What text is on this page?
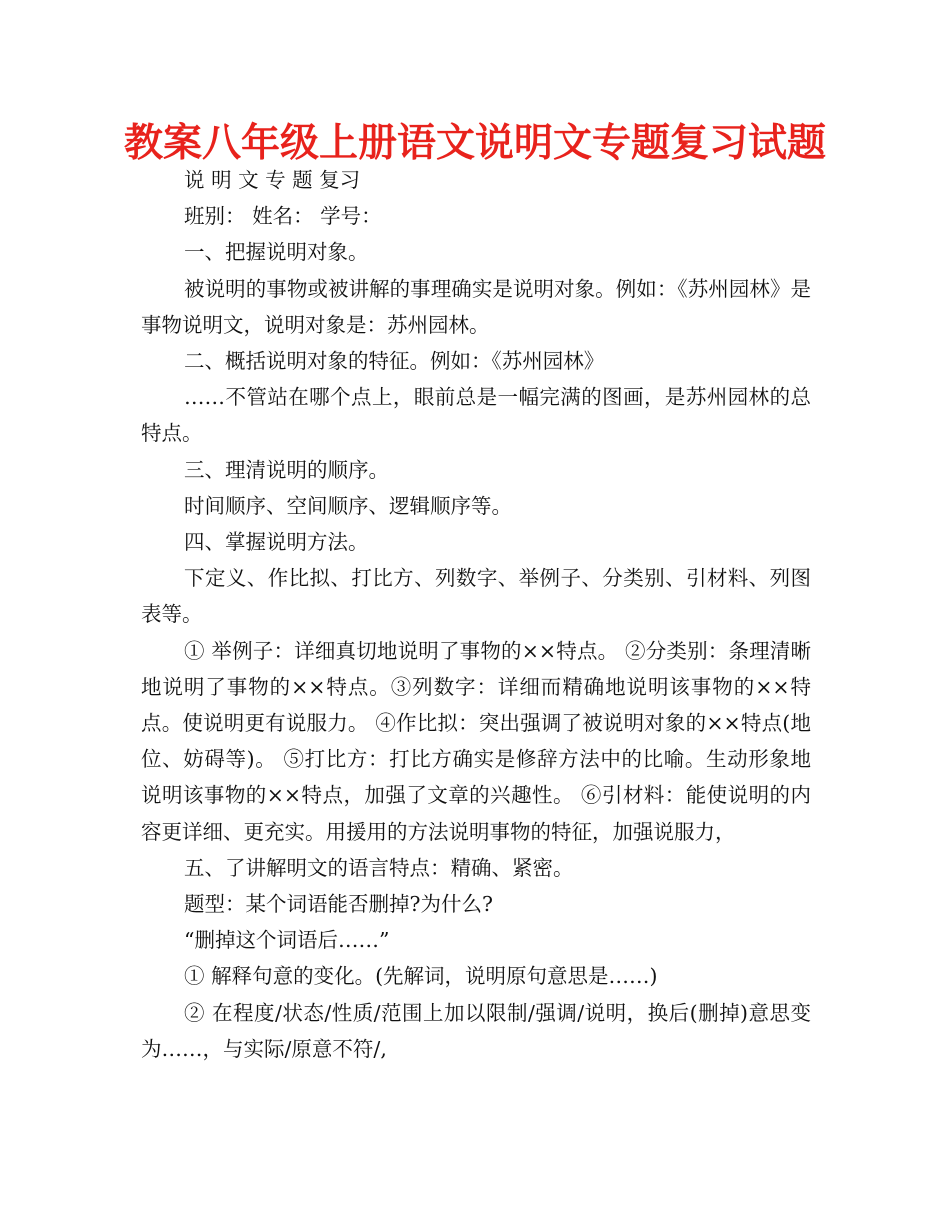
教案八年级上册语文说明文专题复习试题

说 明 文 专 题 复习

班别： 姓名： 学号：

一、把握说明对象。

被说明的事物或被讲解的事理确实是说明对象。例如：《苏州园林》是事物说明文，说明对象是：苏州园林。

二、概括说明对象的特征。例如：《苏州园林》

……不管站在哪个点上，眼前总是一幅完满的图画，是苏州园林的总特点。

三、理清说明的顺序。

时间顺序、空间顺序、逻辑顺序等。

四、掌握说明方法。

下定义、作比拟、打比方、列数字、举例子、分类别、引材料、列图表等。

① 举例子：详细真切地说明了事物的××特点。 ②分类别：条理清晰地说明了事物的××特点。③列数字：详细而精确地说明该事物的××特点。使说明更有说服力。 ④作比拟：突出强调了被说明对象的××特点(地位、妨碍等)。 ⑤打比方：打比方确实是修辞方法中的比喻。生动形象地说明该事物的××特点，加强了文章的兴趣性。 ⑥引材料：能使说明的内容更详细、更充实。用援用的方法说明事物的特征，加强说服力，

五、了讲解明文的语言特点：精确、紧密。

题型：某个词语能否删掉?为什么?

“删掉这个词语后……”

① 解释句意的变化。(先解词，说明原句意思是……)

② 在程度/状态/性质/范围上加以限制/强调/说明，换后(删掉)意思变为……，与实际/原意不符/,
